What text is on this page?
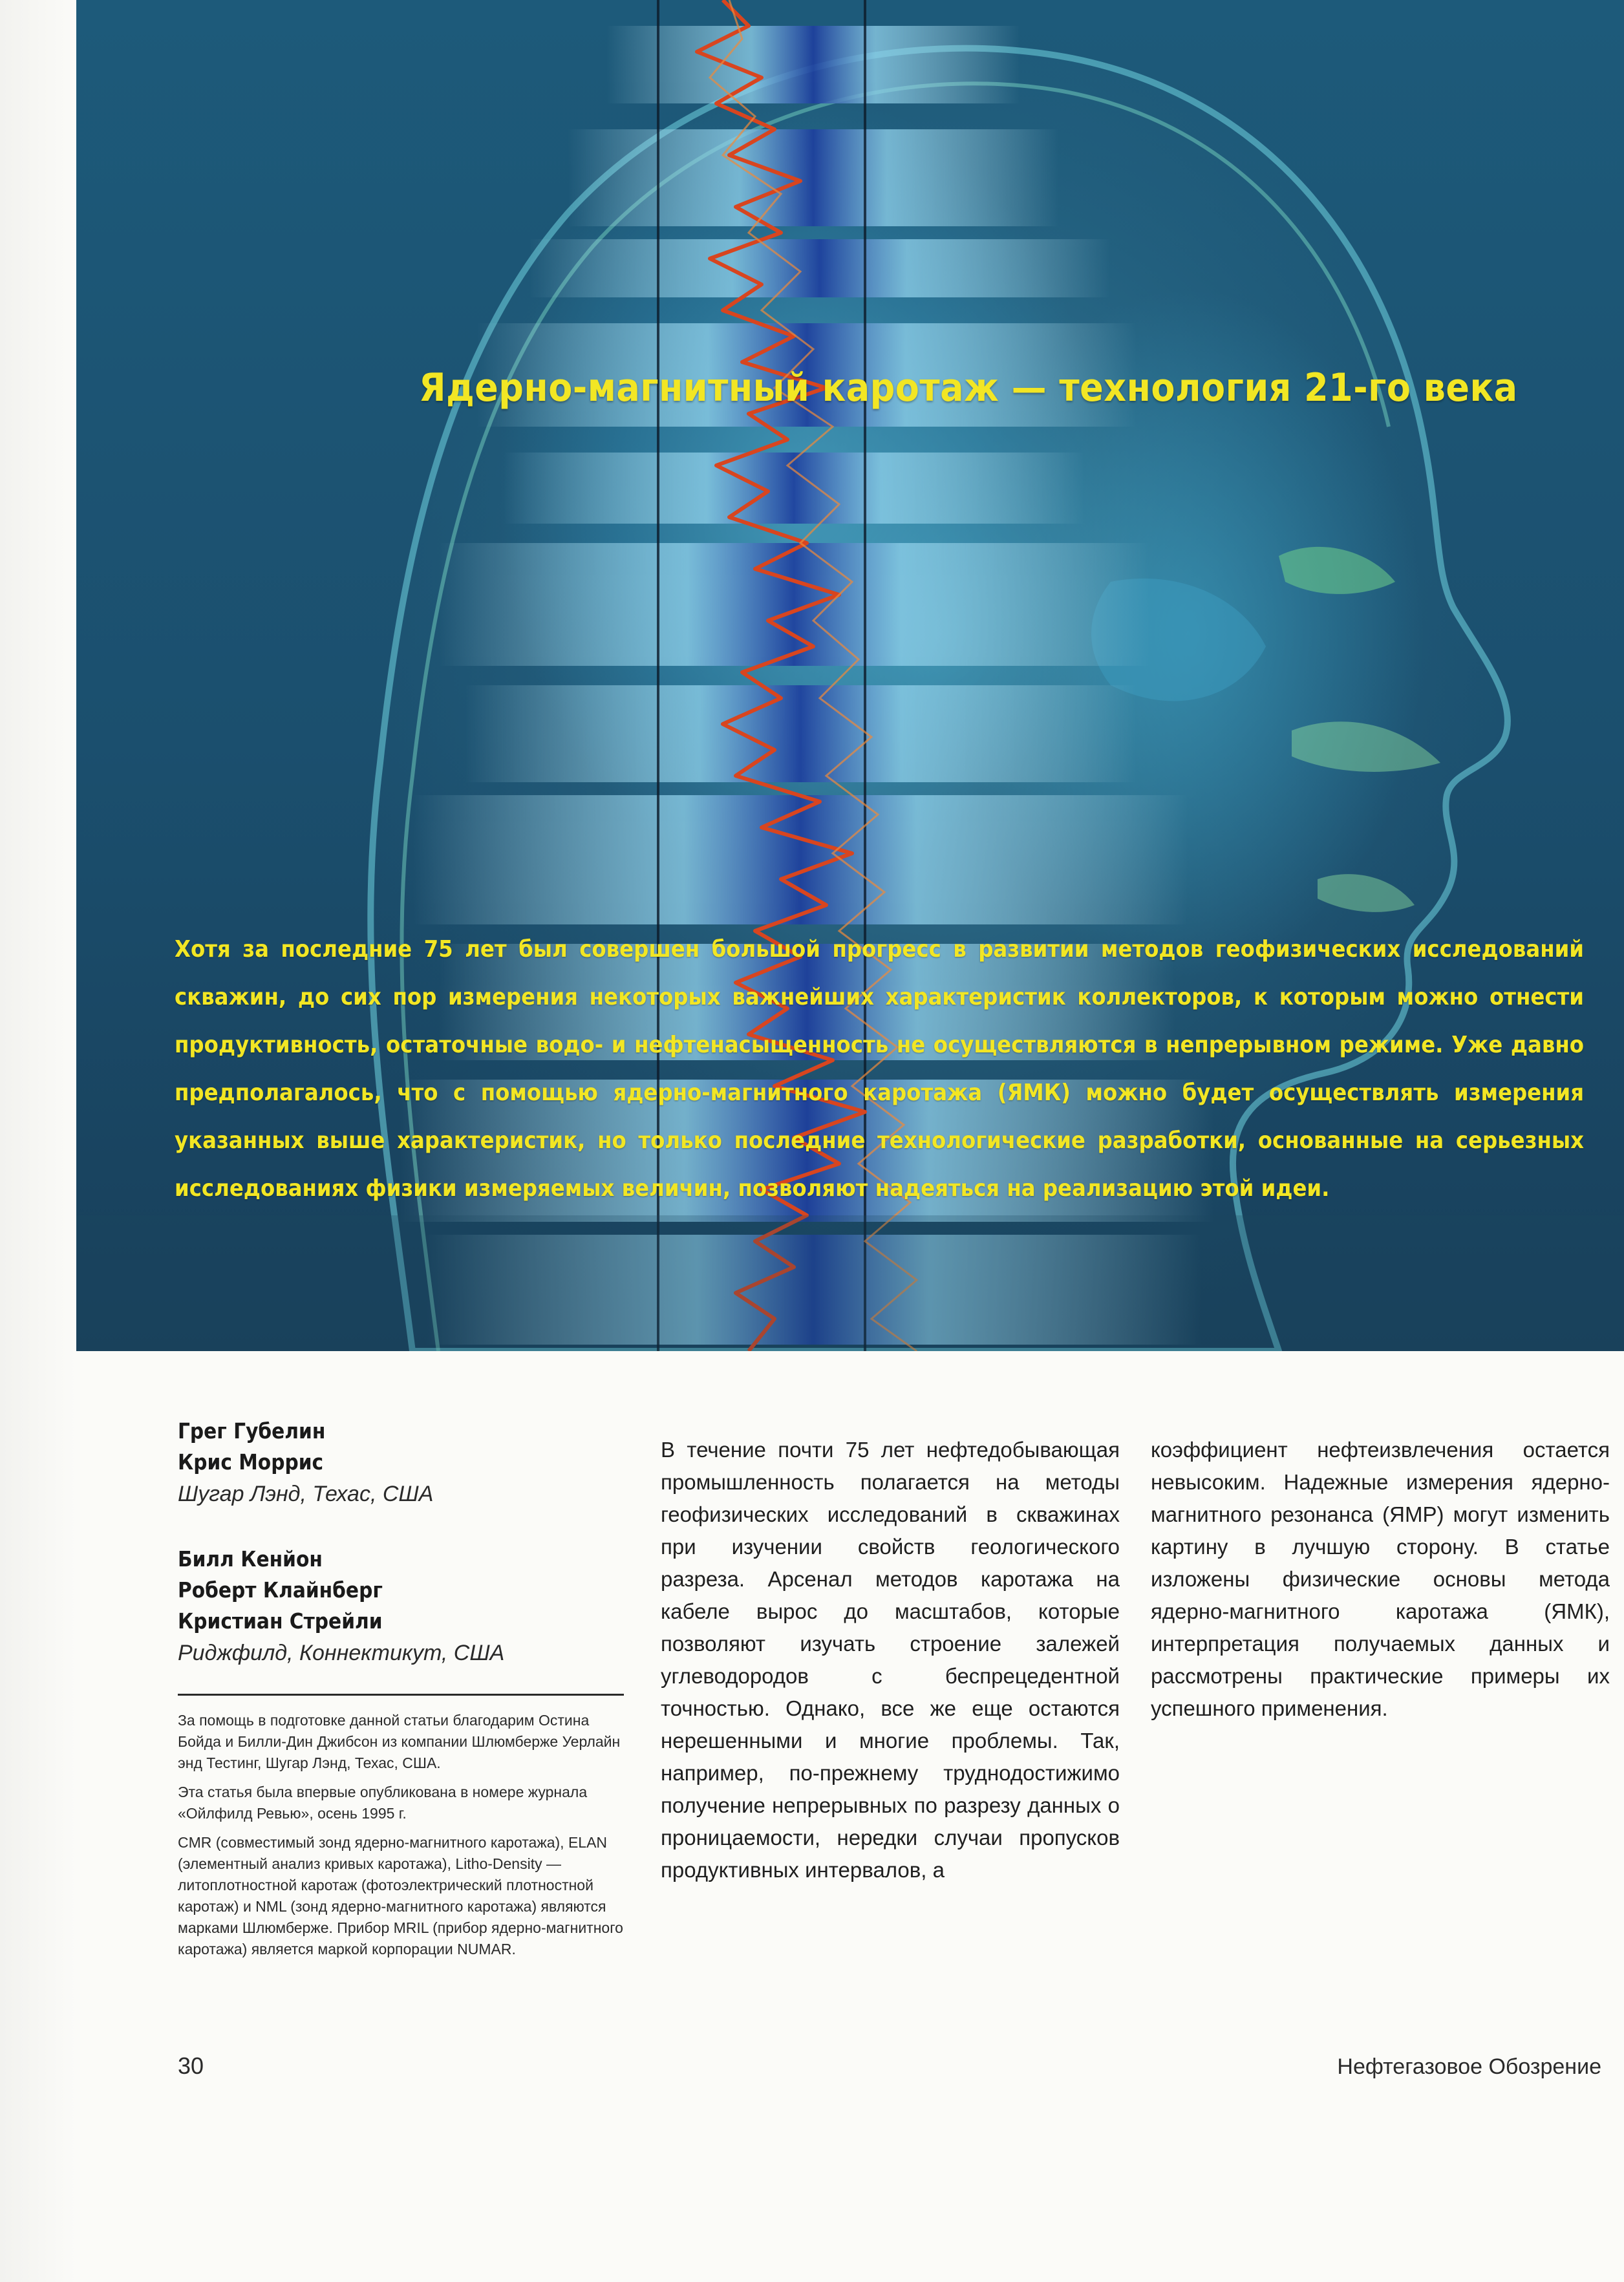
Ядерно-магнитный каротаж — технология 21-го века

Хотя за последние 75 лет был совершен большой прогресс в развитии методов геофизических исследований скважин, до сих пор измерения некоторых важнейших характеристик коллекторов, к которым можно отнести продуктивность, остаточные водо- и нефтенасыщенность не осуществляются в непрерывном режиме. Уже давно предполагалось, что с помощью ядерно-магнитного каротажа (ЯМК) можно будет осуществлять измерения указанных выше характеристик, но только последние технологические разработки, основанные на серьезных исследованиях физики измеряемых величин, позволяют надеяться на реализацию этой идеи.

Грег Губелин
Крис Моррис
Шугар Лэнд, Техас, США
Билл Кенйон
Роберт Клайнберг
Кристиан Стрейли
Риджфилд, Коннектикут, США

За помощь в подготовке данной статьи благодарим Остина Бойда и Билли-Дин Джибсон из компании Шлюмберже Уерлайн энд Тестинг, Шугар Лэнд, Техас, США.

Эта статья была впервые опубликована в номере журнала «Ойлфилд Ревью», осень 1995 г.

CMR (совместимый зонд ядерно-магнитного каротажа), ELAN (элементный анализ кривых каротажа), Litho-Density — литоплотностной каротаж (фотоэлектрический плотностной каротаж) и NML (зонд ядерно-магнитного каротажа) являются марками Шлюмберже. Прибор MRIL (прибор ядерно-магнитного каротажа) является маркой корпорации NUMAR.

В течение почти 75 лет нефтедобывающая промышленность полагается на методы геофизических исследований в скважинах при изучении свойств геологического разреза. Арсенал методов каротажа на кабеле вырос до масштабов, которые позволяют изучать строение залежей углеводородов с беспрецедентной точностью. Однако, все же еще остаются нерешенными и многие проблемы. Так, например, по-прежнему труднодостижимо получение непрерывных по разрезу данных о проницаемости, нередки случаи пропусков продуктивных интервалов, а

коэффициент нефтеизвлечения остается невысоким. Надежные измерения ядерно-магнитного резонанса (ЯМР) могут изменить картину в лучшую сторону. В статье изложены физические основы метода ядерно-магнитного каротажа (ЯМК), интерпретация получаемых данных и рассмотрены практические примеры их успешного применения.

30	Нефтегазовое Обозрение
